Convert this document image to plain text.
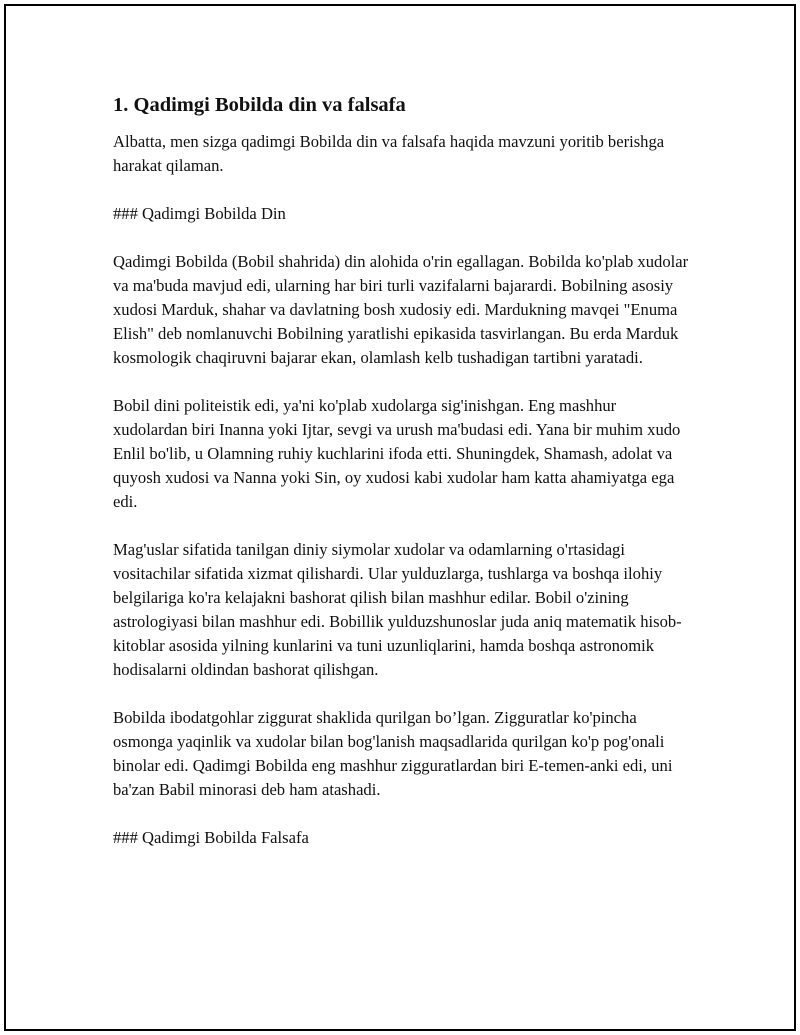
1. Qadimgi Bobilda din va falsafa

Albatta, men sizga qadimgi Bobilda din va falsafa haqida mavzuni yoritib berishga harakat qilaman.

### Qadimgi Bobilda Din

Qadimgi Bobilda (Bobil shahrida) din alohida o'rin egallagan. Bobilda ko'plab xudolar va ma'buda mavjud edi, ularning har biri turli vazifalarni bajarardi. Bobilning asosiy xudosi Marduk, shahar va davlatning bosh xudosiy edi. Mardukning mavqei "Enuma Elish" deb nomlanuvchi Bobilning yaratlishi epikasida tasvirlangan. Bu erda Marduk kosmologik chaqiruvni bajarar ekan, olamlash kelb tushadigan tartibni yaratadi.

Bobil dini politeistik edi, ya'ni ko'plab xudolarga sig'inishgan. Eng mashhur xudolardan biri Inanna yoki Ijtar, sevgi va urush ma'budasi edi. Yana bir muhim xudo Enlil bo'lib, u Olamning ruhiy kuchlarini ifoda etti. Shuningdek, Shamash, adolat va quyosh xudosi va Nanna yoki Sin, oy xudosi kabi xudolar ham katta ahamiyatga ega edi.

Mag'uslar sifatida tanilgan diniy siymolar xudolar va odamlarning o'rtasidagi vositachilar sifatida xizmat qilishardi. Ular yulduzlarga, tushlarga va boshqa ilohiy belgilariga ko'ra kelajakni bashorat qilish bilan mashhur edilar. Bobil o'zining astrologiyasi bilan mashhur edi. Bobillik yulduzshunoslar juda aniq matematik hisob-kitoblar asosida yilning kunlarini va tuni uzunliqlarini, hamda boshqa astronomik hodisalarni oldindan bashorat qilishgan.

Bobilda ibodatgohlar ziggurat shaklida qurilgan bo’lgan. Zigguratlar ko'pincha osmonga yaqinlik va xudolar bilan bog'lanish maqsadlarida qurilgan ko'p pog'onali binolar edi. Qadimgi Bobilda eng mashhur zigguratlardan biri E-temen-anki edi, uni ba'zan Babil minorasi deb ham atashadi.

### Qadimgi Bobilda Falsafa
